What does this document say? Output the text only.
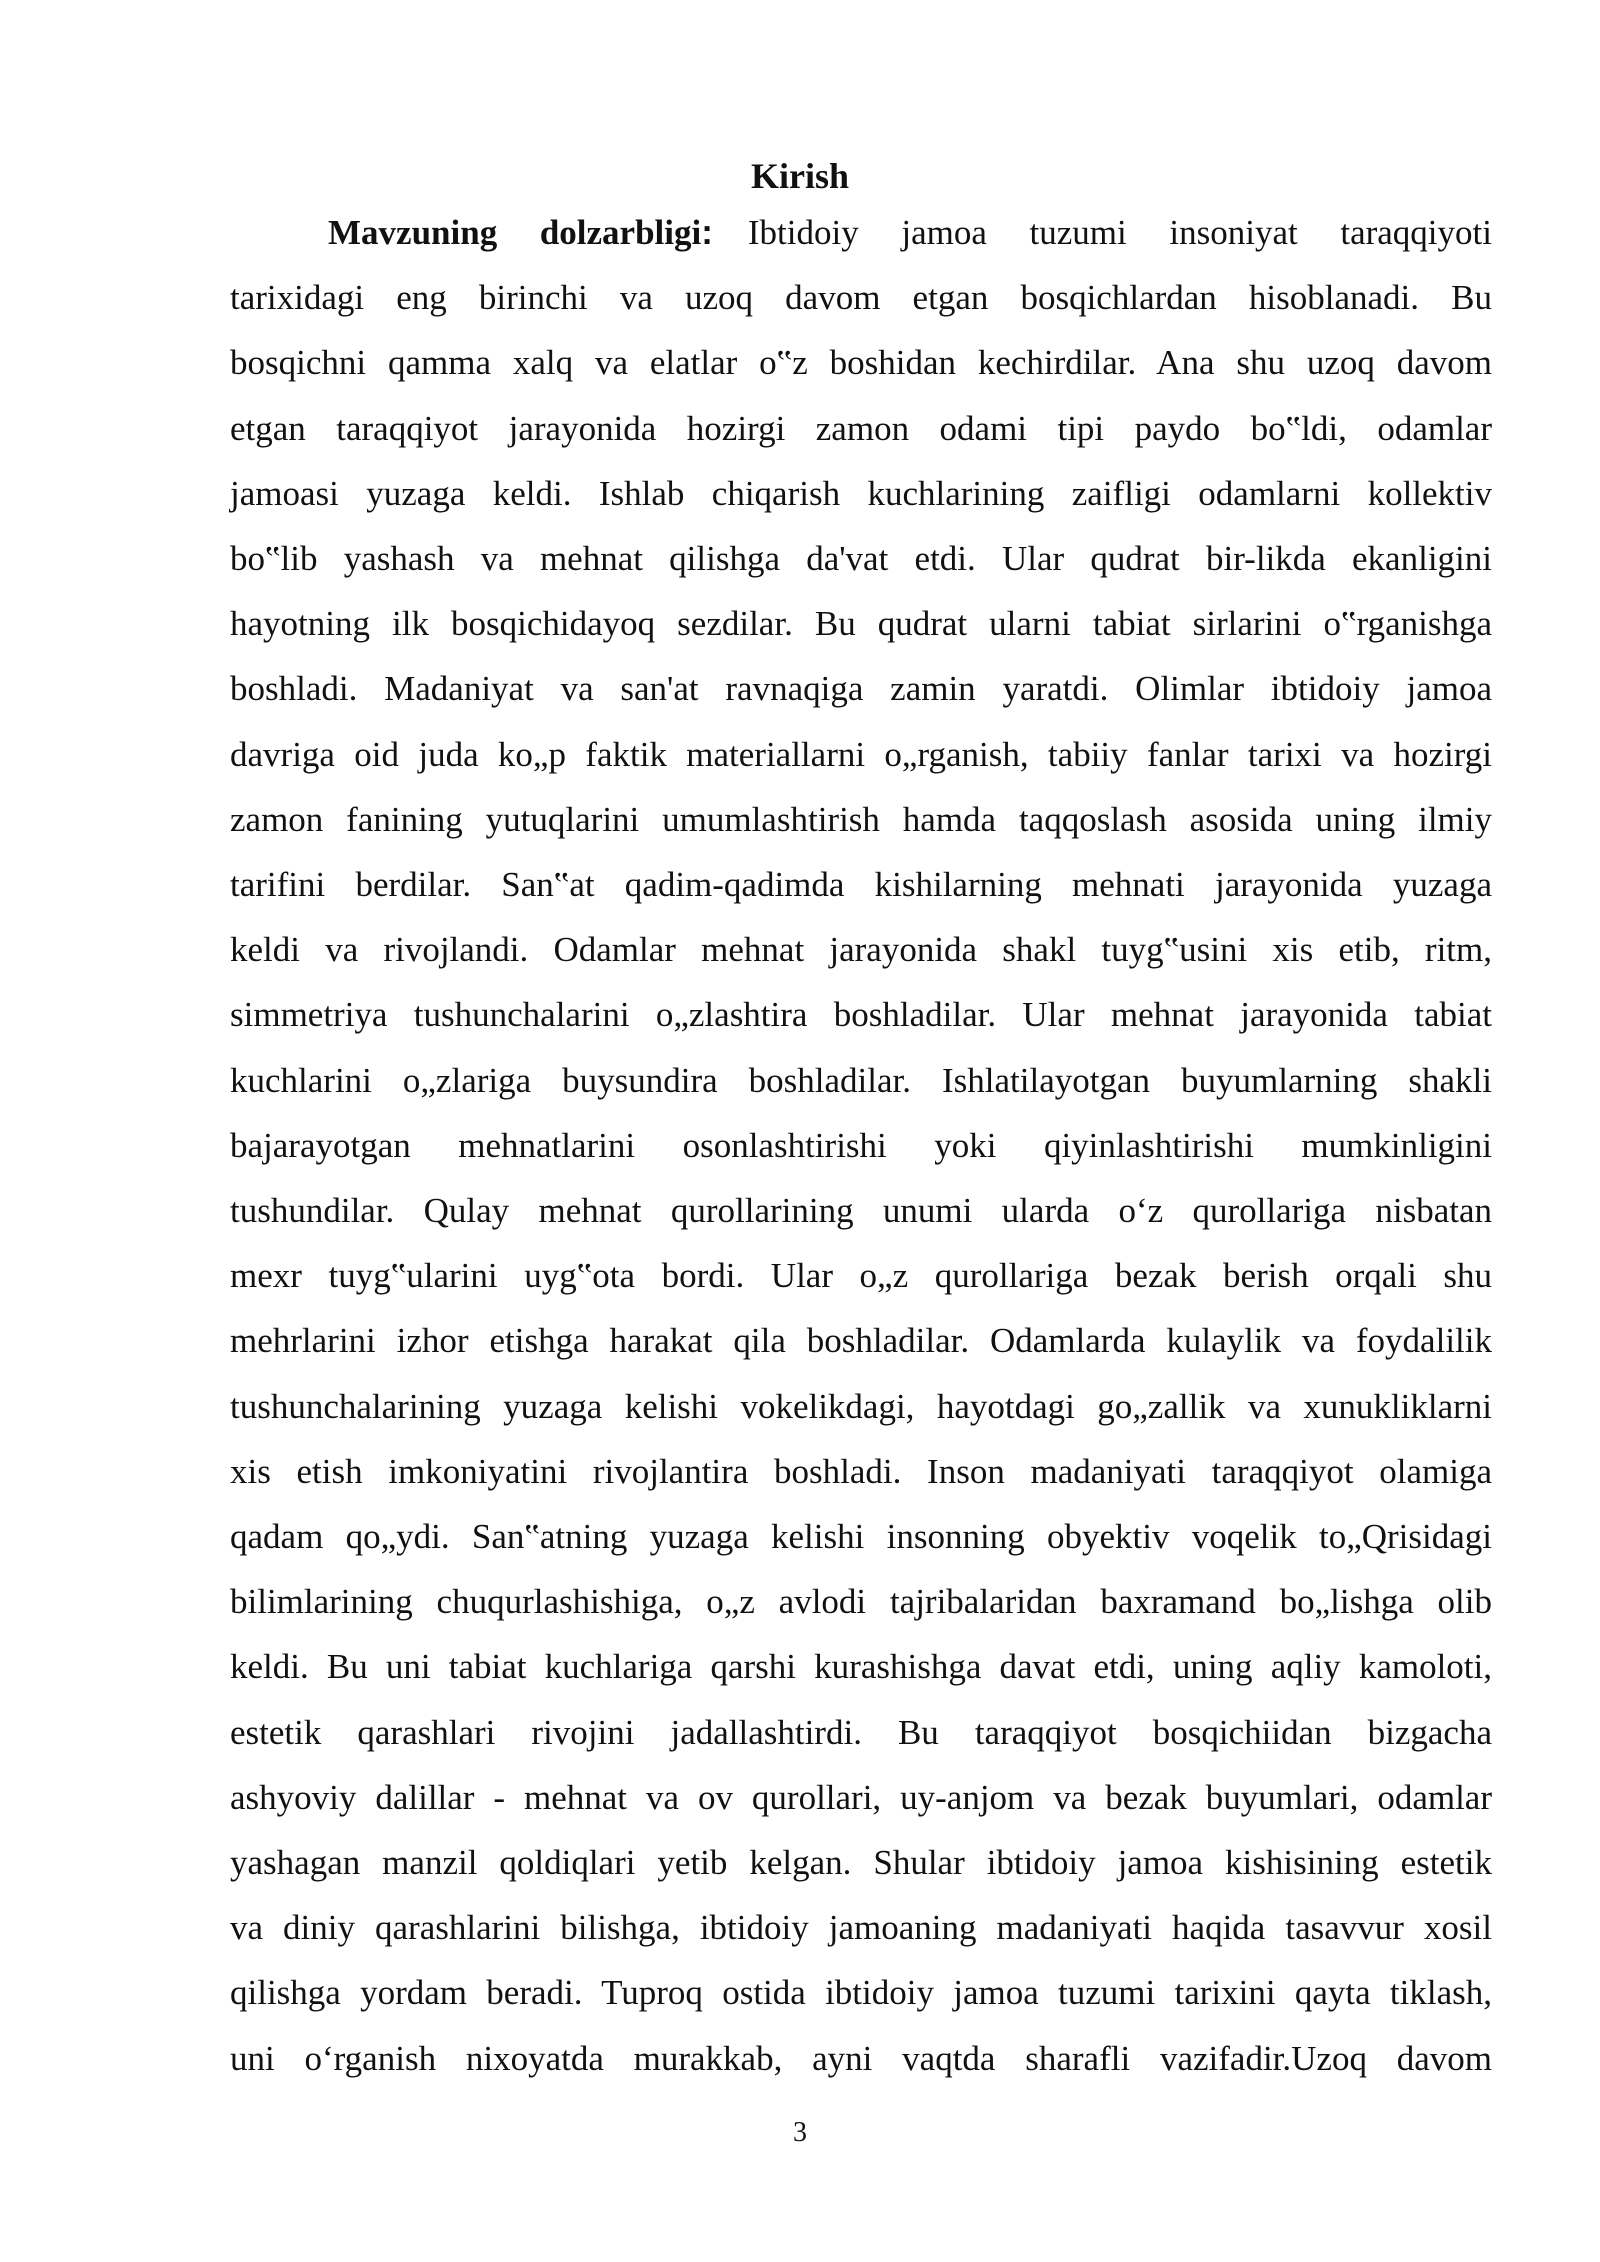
Kirish
Mavzuning dolzarbligi:  Ibtidoiy jamoa tuzumi insoniyat taraqqiyoti
tarixidagi eng birinchi va uzoq davom etgan bosqichlardan hisoblanadi. Bu
bosqichni qamma xalq va elatlar o‟z boshidan kechirdilar. Ana shu uzoq davom
etgan taraqqiyot jarayonida hozirgi zamon odami tipi paydo bo‟ldi, odamlar
jamoasi yuzaga keldi. Ishlab chiqarish kuchlarining zaifligi odamlarni kollektiv
bo‟lib yashash va mehnat qilishga da'vat etdi. Ular qudrat bir-likda ekanligini
hayotning ilk bosqichidayoq sezdilar. Bu qudrat ularni tabiat sirlarini o‟rganishga
boshladi. Madaniyat va san'at ravnaqiga zamin yaratdi. Olimlar ibtidoiy jamoa
davriga oid juda ko„p faktik materiallarni o„rganish, tabiiy fanlar tarixi va hozirgi
zamon fanining yutuqlarini umumlashtirish hamda taqqoslash asosida uning ilmiy
tarifini berdilar. San‟at qadim-qadimda kishilarning mehnati jarayonida yuzaga
keldi va rivojlandi. Odamlar mehnat jarayonida shakl tuyg‟usini xis etib, ritm,
simmetriya tushunchalarini o„zlashtira boshladilar. Ular mehnat jarayonida tabiat
kuchlarini o„zlariga buysundira boshladilar. Ishlatilayotgan buyumlarning shakli
bajarayotgan mehnatlarini osonlashtirishi yoki qiyinlashtirishi mumkinligini
tushundilar. Qulay mehnat qurollarining unumi ularda o‘z qurollariga nisbatan
mexr tuyg‟ularini uyg‟ota bordi. Ular o„z qurollariga bezak berish orqali shu
mehrlarini izhor etishga harakat qila boshladilar. Odamlarda kulaylik va foydalilik
tushunchalarining yuzaga kelishi vokelikdagi, hayotdagi go„zallik va xunukliklarni
xis etish imkoniyatini rivojlantira boshladi. Inson madaniyati taraqqiyot olamiga
qadam qo„ydi. San‟atning yuzaga kelishi insonning obyektiv voqelik to„Qrisidagi
bilimlarining chuqurlashishiga, o„z avlodi tajribalaridan baxramand bo„lishga olib
keldi. Bu uni tabiat kuchlariga qarshi kurashishga davat etdi, uning aqliy kamoloti,
estetik qarashlari rivojini jadallashtirdi. Bu taraqqiyot bosqichiidan bizgacha
ashyoviy dalillar - mehnat va ov qurollari, uy-anjom va bezak buyumlari, odamlar
yashagan manzil qoldiqlari yetib kelgan. Shular ibtidoiy jamoa kishisining estetik
va diniy qarashlarini bilishga, ibtidoiy jamoaning madaniyati haqida tasavvur xosil
qilishga yordam beradi. Tuproq ostida ibtidoiy jamoa tuzumi tarixini qayta tiklash,
uni o‘rganish nixoyatda murakkab, ayni vaqtda sharafli vazifadir.Uzoq davom
3
